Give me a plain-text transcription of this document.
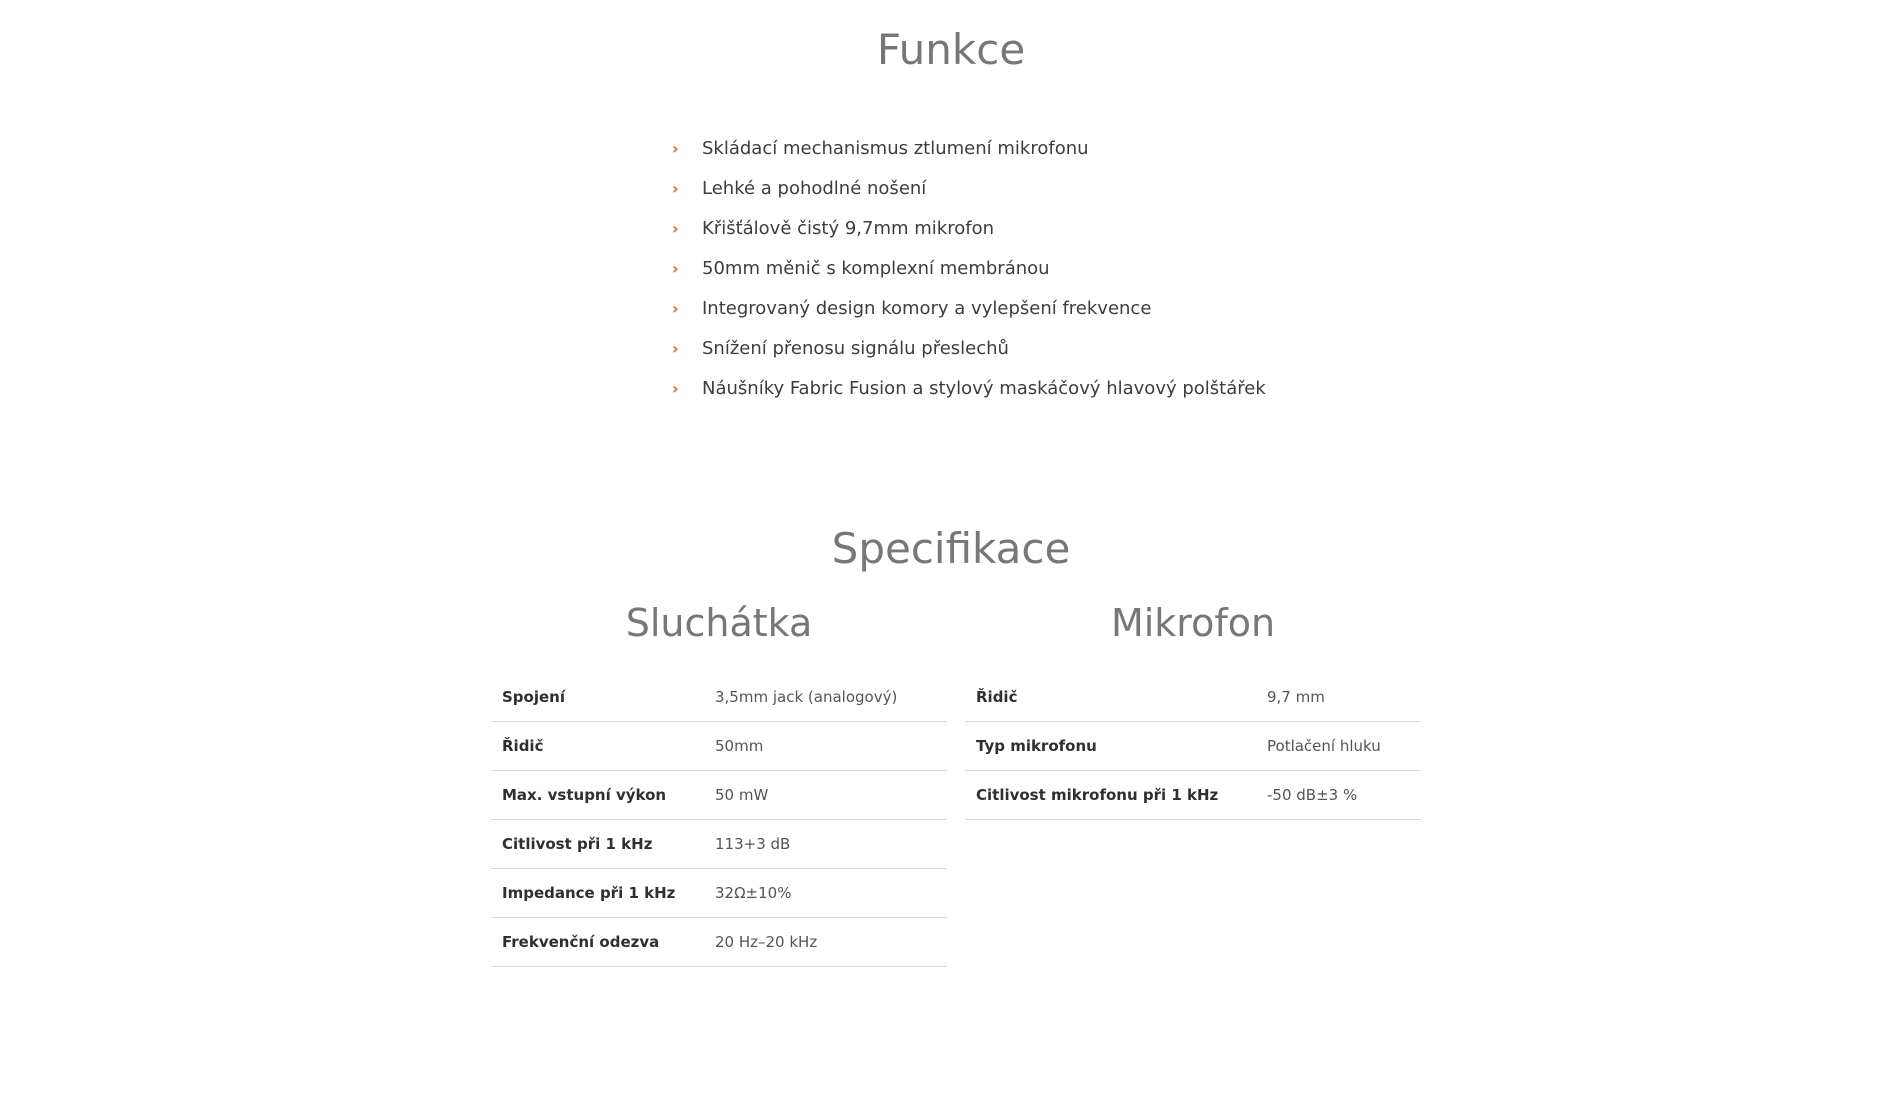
Funkce
›	Skládací mechanismus ztlumení mikrofonu
›	Lehké a pohodlné nošení
›	Křišťálově čistý 9,7mm mikrofon
›	50mm měnič s komplexní membránou
›	Integrovaný design komory a vylepšení frekvence
›	Snížení přenosu signálu přeslechů
›	Náušníky Fabric Fusion a stylový maskáčový hlavový polštářek
Specifikace
Sluchátka	Mikrofon
Spojení	3,5mm jack (analogový)
Řidič	50mm
Max. vstupní výkon	50 mW
Citlivost při 1 kHz	113+3 dB
Impedance při 1 kHz	32Ω±10%
Frekvenční odezva	20 Hz–20 kHz
Řidič	9,7 mm
Typ mikrofonu	Potlačení hluku
Citlivost mikrofonu při 1 kHz	-50 dB±3 %
